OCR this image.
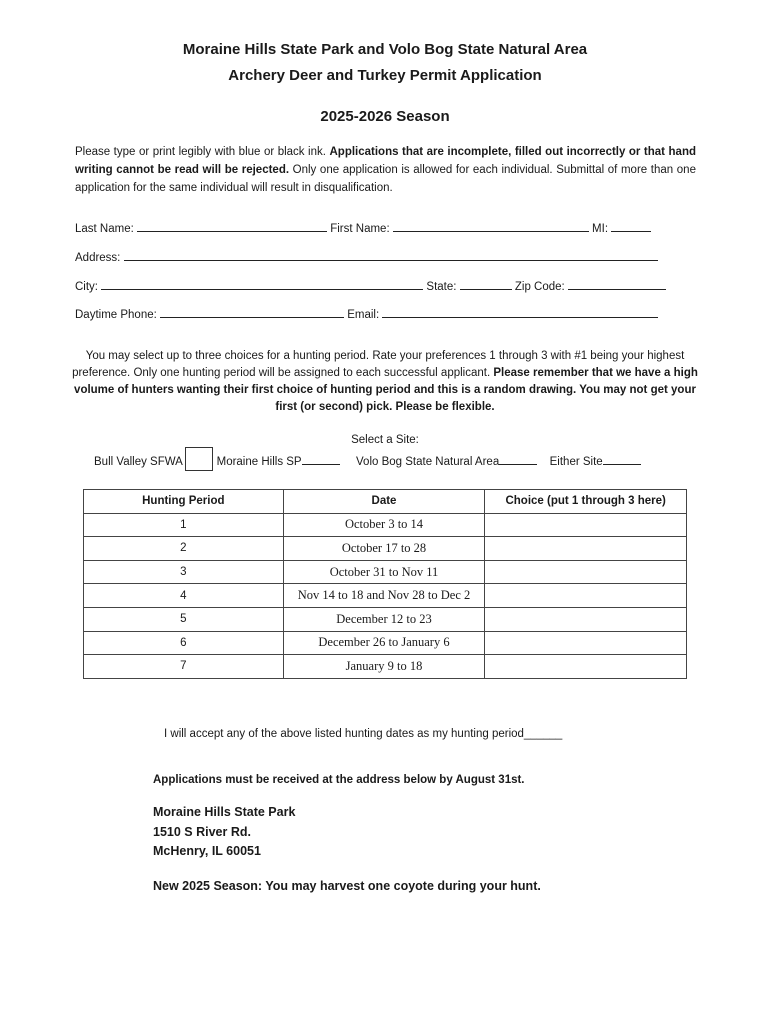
Moraine Hills State Park and Volo Bog State Natural Area
Archery Deer and Turkey Permit Application
2025-2026 Season
Please type or print legibly with blue or black ink. Applications that are incomplete, filled out incorrectly or that hand writing cannot be read will be rejected. Only one application is allowed for each individual. Submittal of more than one application for the same individual will result in disqualification.
Last Name:	First Name:	MI:
Address:
City:	State:	Zip Code:
Daytime Phone:	Email:
You may select up to three choices for a hunting period. Rate your preferences 1 through 3 with #1 being your highest preference. Only one hunting period will be assigned to each successful applicant. Please remember that we have a high volume of hunters wanting their first choice of hunting period and this is a random drawing. You may not get your first (or second) pick. Please be flexible.
Select a Site:
Bull Valley SFWA	Moraine Hills SP	Volo Bog State Natural Area	Either Site
Hunting Period	Date	Choice (put 1 through 3 here)
1	October 3 to 14	
2	October 17 to 28	
3	October 31 to Nov 11	
4	Nov 14 to 18 and Nov 28 to Dec 2	
5	December 12 to 23	
6	December 26 to January 6	
7	January 9 to 18	
I will accept any of the above listed hunting dates as my hunting period______
Applications must be received at the address below by August 31st.
Moraine Hills State Park
1510 S River Rd.
McHenry, IL 60051
New 2025 Season: You may harvest one coyote during your hunt.
